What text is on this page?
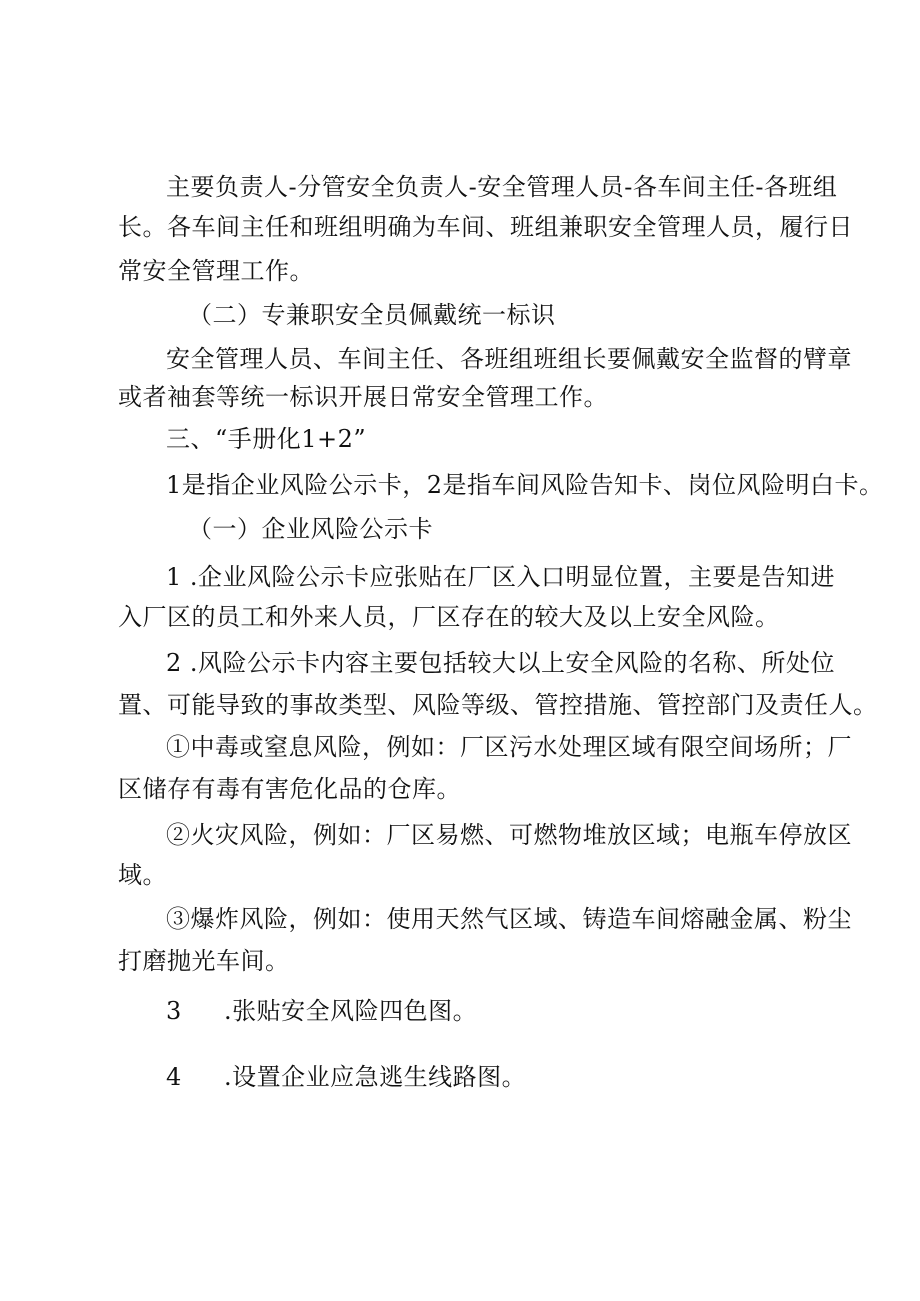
主要负责人-分管安全负责人-安全管理人员-各车间主任-各班组
长。各车间主任和班组明确为车间、班组兼职安全管理人员，履行日
常安全管理工作。
（二）专兼职安全员佩戴统一标识
安全管理人员、车间主任、各班组班组长要佩戴安全监督的臂章
或者袖套等统一标识开展日常安全管理工作。
三、“手册化1+2”
1是指企业风险公示卡，2是指车间风险告知卡、岗位风险明白卡。
（一）企业风险公示卡
1 .企业风险公示卡应张贴在厂区入口明显位置，主要是告知进
入厂区的员工和外来人员，厂区存在的较大及以上安全风险。
2 .风险公示卡内容主要包括较大以上安全风险的名称、所处位
置、可能导致的事故类型、风险等级、管控措施、管控部门及责任人。
①中毒或窒息风险，例如：厂区污水处理区域有限空间场所；厂
区储存有毒有害危化品的仓库。
②火灾风险，例如：厂区易燃、可燃物堆放区域；电瓶车停放区
域。
③爆炸风险，例如：使用天然气区域、铸造车间熔融金属、粉尘
打磨抛光车间。
3 .张贴安全风险四色图。
4 .设置企业应急逃生线路图。
